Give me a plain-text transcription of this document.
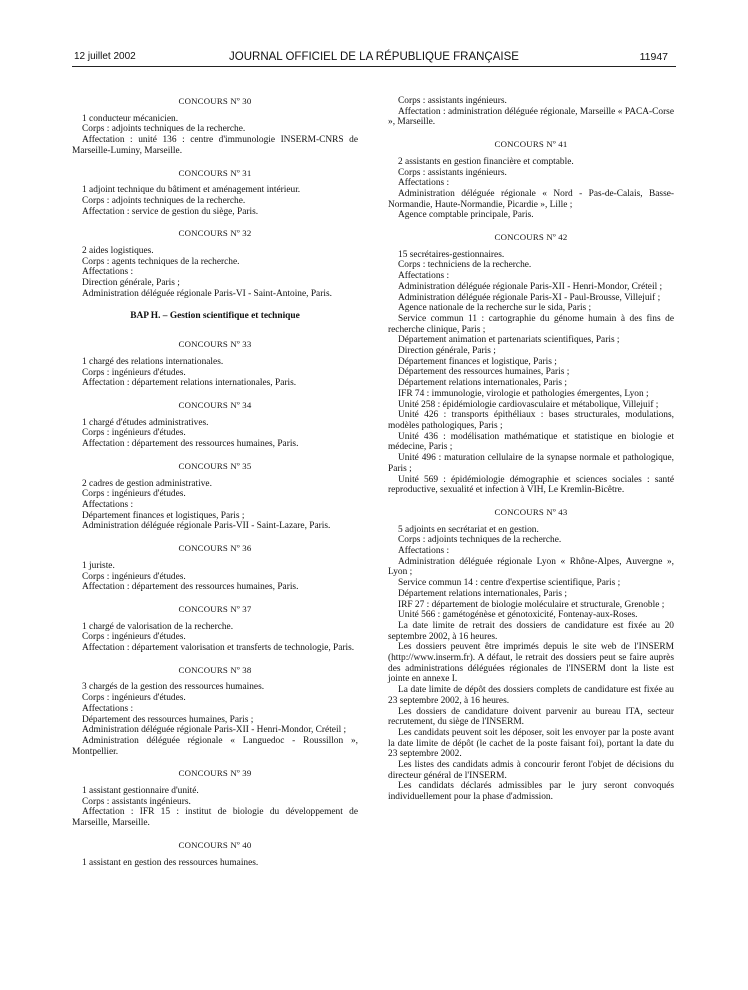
12 juillet 2002	JOURNAL OFFICIEL DE LA RÉPUBLIQUE FRANÇAISE	11947
CONCOURS Nº 30
1 conducteur mécanicien.
Corps : adjoints techniques de la recherche.
Affectation : unité 136 : centre d'immunologie INSERM-CNRS de Marseille-Luminy, Marseille.
CONCOURS Nº 31
1 adjoint technique du bâtiment et aménagement intérieur.
Corps : adjoints techniques de la recherche.
Affectation : service de gestion du siège, Paris.
CONCOURS Nº 32
2 aides logistiques.
Corps : agents techniques de la recherche.
Affectations :
Direction générale, Paris ;
Administration déléguée régionale Paris-VI - Saint-Antoine, Paris.
BAP H. – Gestion scientifique et technique
CONCOURS Nº 33
1 chargé des relations internationales.
Corps : ingénieurs d'études.
Affectation : département relations internationales, Paris.
CONCOURS Nº 34
1 chargé d'études administratives.
Corps : ingénieurs d'études.
Affectation : département des ressources humaines, Paris.
CONCOURS Nº 35
2 cadres de gestion administrative.
Corps : ingénieurs d'études.
Affectations :
Département finances et logistiques, Paris ;
Administration déléguée régionale Paris-VII - Saint-Lazare, Paris.
CONCOURS Nº 36
1 juriste.
Corps : ingénieurs d'études.
Affectation : département des ressources humaines, Paris.
CONCOURS Nº 37
1 chargé de valorisation de la recherche.
Corps : ingénieurs d'études.
Affectation : département valorisation et transferts de technologie, Paris.
CONCOURS Nº 38
3 chargés de la gestion des ressources humaines.
Corps : ingénieurs d'études.
Affectations :
Département des ressources humaines, Paris ;
Administration déléguée régionale Paris-XII - Henri-Mondor, Créteil ;
Administration déléguée régionale « Languedoc - Roussillon », Montpellier.
CONCOURS Nº 39
1 assistant gestionnaire d'unité.
Corps : assistants ingénieurs.
Affectation : IFR 15 : institut de biologie du développement de Marseille, Marseille.
CONCOURS Nº 40
1 assistant en gestion des ressources humaines.
Corps : assistants ingénieurs.
Affectation : administration déléguée régionale, Marseille « PACA-Corse », Marseille.
CONCOURS Nº 41
2 assistants en gestion financière et comptable.
Corps : assistants ingénieurs.
Affectations :
Administration déléguée régionale « Nord - Pas-de-Calais, Basse-Normandie, Haute-Normandie, Picardie », Lille ;
Agence comptable principale, Paris.
CONCOURS Nº 42
15 secrétaires-gestionnaires.
Corps : techniciens de la recherche.
Affectations :
Administration déléguée régionale Paris-XII - Henri-Mondor, Créteil ;
Administration déléguée régionale Paris-XI - Paul-Brousse, Villejuif ;
Agence nationale de la recherche sur le sida, Paris ;
Service commun 11 : cartographie du génome humain à des fins de recherche clinique, Paris ;
Département animation et partenariats scientifiques, Paris ;
Direction générale, Paris ;
Département finances et logistique, Paris ;
Département des ressources humaines, Paris ;
Département relations internationales, Paris ;
IFR 74 : immunologie, virologie et pathologies émergentes, Lyon ;
Unité 258 : épidémiologie cardiovasculaire et métabolique, Villejuif ;
Unité 426 : transports épithéliaux : bases structurales, modulations, modèles pathologiques, Paris ;
Unité 436 : modélisation mathématique et statistique en biologie et médecine, Paris ;
Unité 496 : maturation cellulaire de la synapse normale et pathologique, Paris ;
Unité 569 : épidémiologie démographie et sciences sociales : santé reproductive, sexualité et infection à VIH, Le Kremlin-Bicêtre.
CONCOURS Nº 43
5 adjoints en secrétariat et en gestion.
Corps : adjoints techniques de la recherche.
Affectations :
Administration déléguée régionale Lyon « Rhône-Alpes, Auvergne », Lyon ;
Service commun 14 : centre d'expertise scientifique, Paris ;
Département relations internationales, Paris ;
IRF 27 : département de biologie moléculaire et structurale, Grenoble ;
Unité 566 : gamétogénèse et génotoxicité, Fontenay-aux-Roses.
La date limite de retrait des dossiers de candidature est fixée au 20 septembre 2002, à 16 heures.
Les dossiers peuvent être imprimés depuis le site web de l'INSERM (http://www.inserm.fr). A défaut, le retrait des dossiers peut se faire auprès des administrations déléguées régionales de l'INSERM dont la liste est jointe en annexe I.
La date limite de dépôt des dossiers complets de candidature est fixée au 23 septembre 2002, à 16 heures.
Les dossiers de candidature doivent parvenir au bureau ITA, secteur recrutement, du siège de l'INSERM.
Les candidats peuvent soit les déposer, soit les envoyer par la poste avant la date limite de dépôt (le cachet de la poste faisant foi), portant la date du 23 septembre 2002.
Les listes des candidats admis à concourir feront l'objet de décisions du directeur général de l'INSERM.
Les candidats déclarés admissibles par le jury seront convoqués individuellement pour la phase d'admission.
